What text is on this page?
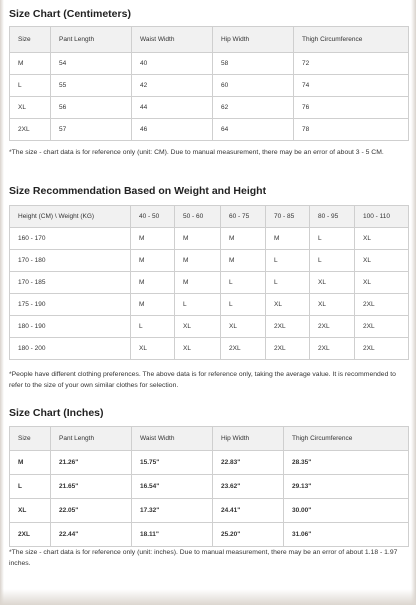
Size Chart (Centimeters)
Size	Pant Length	Waist Width	Hip Width	Thigh Circumference
M	54	40	58	72
L	55	42	60	74
XL	56	44	62	76
2XL	57	46	64	78

*The size - chart data is for reference only (unit: CM). Due to manual measurement, there may be an error of about 3 - 5 CM.

Size Recommendation Based on Weight and Height
Height (CM) \ Weight (KG)	40 - 50	50 - 60	60 - 75	70 - 85	80 - 95	100 - 110
160 - 170	M	M	M	M	L	XL
170 - 180	M	M	M	L	L	XL
170 - 185	M	M	L	L	XL	XL
175 - 190	M	L	L	XL	XL	2XL
180 - 190	L	XL	XL	2XL	2XL	2XL
180 - 200	XL	XL	2XL	2XL	2XL	2XL

*People have different clothing preferences. The above data is for reference only, taking the average value. It is recommended to refer to the size of your own similar clothes for selection.

Size Chart (Inches)
Size	Pant Length	Waist Width	Hip Width	Thigh Circumference
M	21.26"	15.75"	22.83"	28.35"
L	21.65"	16.54"	23.62"	29.13"
XL	22.05"	17.32"	24.41"	30.00"
2XL	22.44"	18.11"	25.20"	31.06"

*The size - chart data is for reference only (unit: inches). Due to manual measurement, there may be an error of about 1.18 - 1.97 inches.
